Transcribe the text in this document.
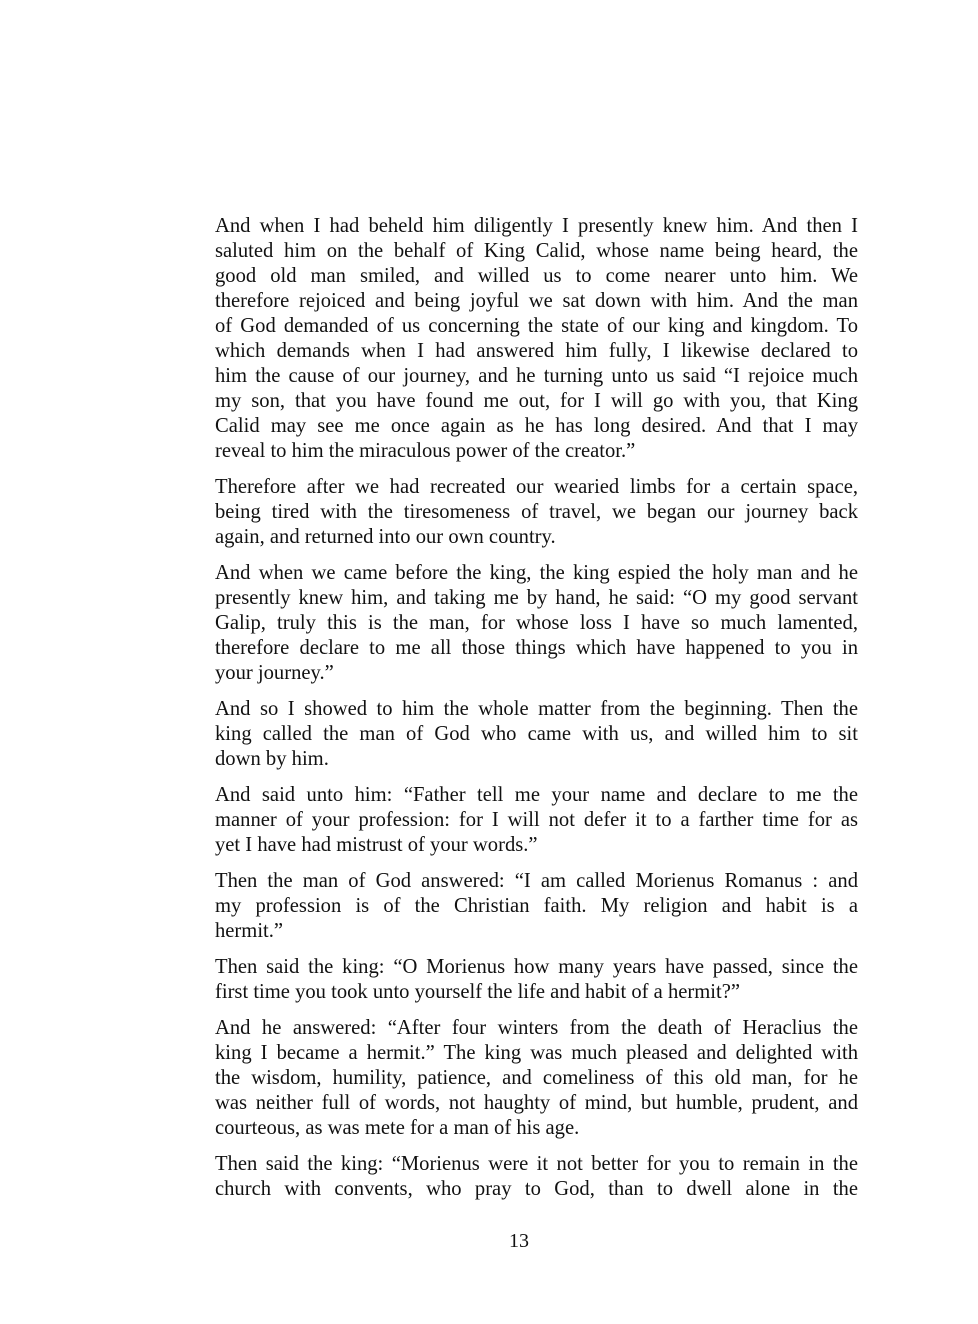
And when I had beheld him diligently I presently knew him. And then I
saluted him on the behalf of King Calid, whose name being heard, the
good old man smiled, and willed us to come nearer unto him. We
therefore rejoiced and being joyful we sat down with him. And the man
of God demanded of us concerning the state of our king and kingdom. To
which demands when I had answered him fully, I likewise declared to
him the cause of our journey, and he turning unto us said “I rejoice much
my son, that you have found me out, for I will go with you, that King
Calid may see me once again as he has long desired. And that I may
reveal to him the miraculous power of the creator.”
Therefore after we had recreated our wearied limbs for a certain space,
being tired with the tiresomeness of travel, we began our journey back
again, and returned into our own country.
And when we came before the king, the king espied the holy man and he
presently knew him, and taking me by hand, he said: “O my good servant
Galip, truly this is the man, for whose loss I have so much lamented,
therefore declare to me all those things which have happened to you in
your journey.”
And so I showed to him the whole matter from the beginning. Then the
king called the man of God who came with us, and willed him to sit
down by him.
And said unto him: “Father tell me your name and declare to me the
manner of your profession: for I will not defer it to a farther time for as
yet I have had mistrust of your words.”
Then the man of God answered: “I am called Morienus Romanus : and
my profession is of the Christian faith. My religion and habit is a
hermit.”
Then said the king: “O Morienus how many years have passed, since the
first time you took unto yourself the life and habit of a hermit?”
And he answered: “After four winters from the death of Heraclius the
king I became a hermit.” The king was much pleased and delighted with
the wisdom, humility, patience, and comeliness of this old man, for he
was neither full of words, not haughty of mind, but humble, prudent, and
courteous, as was mete for a man of his age.
Then said the king: “Morienus were it not better for you to remain in the
church with convents, who pray to God, than to dwell alone in the
13
